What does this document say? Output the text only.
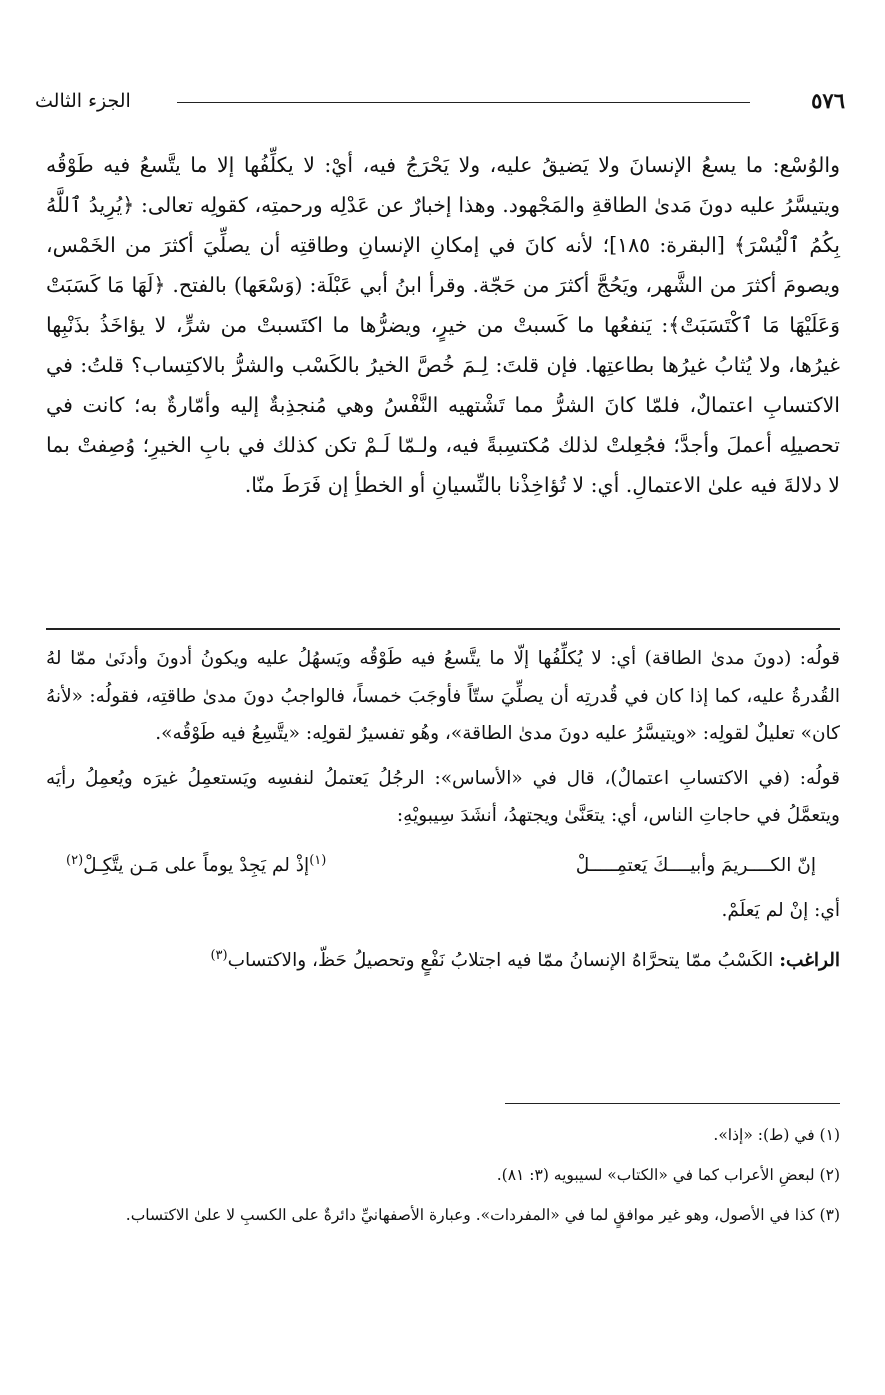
٥٧٦
الجزء الثالث

والوُسْع: ما يسعُ الإنسانَ ولا يَضيقُ عليه، ولا يَحْرَجُ فيه، أيْ: لا يكلِّفُها إلا ما يتَّسعُ فيه طَوْقُه ويتيسَّرُ عليه دونَ مَدىٰ الطاقةِ والمَجْهود. وهذا إخبارٌ عن عَدْلِه ورحمتِه، كقولِه تعالى: ﴿يُرِيدُ ٱللَّهُ بِكُمُ ٱلْيُسْرَ﴾ [البقرة: ١٨٥]؛ لأنه كانَ في إمكانِ الإنسانِ وطاقتِه أن يصلِّيَ أكثرَ من الخَمْس، ويصومَ أكثرَ من الشَّهر، ويَحُجَّ أكثرَ من حَجّة. وقرأ ابنُ أبي عَبْلَة: (وَسْعَها) بالفتح. ﴿لَهَا مَا كَسَبَتْ وَعَلَيْهَا مَا ٱكْتَسَبَتْ﴾: يَنفعُها ما كَسبتْ من خيرٍ، ويضرُّها ما اكتَسبتْ من شرٍّ، لا يؤاخَذُ بذَنْبِها غيرُها، ولا يُثابُ غيرُها بطاعتِها. فإن قلتَ: لِـمَ خُصَّ الخيرُ بالكَسْب والشرُّ بالاكتِساب؟ قلتُ: في الاكتسابِ اعتمالٌ، فلمّا كانَ الشرُّ مما تَشْتهيه النَّفْسُ وهي مُنجذِبةٌ إليه وأمّارةٌ به؛ كانت في تحصيلِه أعملَ وأجدَّ؛ فجُعِلتْ لذلك مُكتسِبةً فيه، ولـمّا لَـمْ تكن كذلك في بابِ الخيرِ؛ وُصِفتْ بما لا دلالةَ فيه علىٰ الاعتمالِ. أي: لا تُؤاخِذْنا بالنِّسيانِ أو الخطأِ إن فَرَطَ منّا.

قولُه: (دونَ مدىٰ الطاقة) أي: لا يُكلِّفُها إلّا ما يتَّسعُ فيه طَوْقُه ويَسهُلُ عليه ويكونُ أدونَ وأدنَىٰ ممّا لهُ القُدرةُ عليه، كما إذا كان في قُدرتِه أن يصلِّيَ ستّاً فأوجَبَ خمساً، فالواجبُ دونَ مدىٰ طاقتِه، فقولُه: «لأنهُ كان» تعليلٌ لقولِه: «ويتيسَّرُ عليه دونَ مدىٰ الطاقة»، وهُو تفسيرٌ لقولِه: «يتَّسِعُ فيه طَوْقُه».

قولُه: (في الاكتسابِ اعتمالٌ)، قال في «الأساس»: الرجُلُ يَعتملُ لنفسِه ويَستعمِلُ غيرَه ويُعمِلُ رأيَه ويتعمَّلُ في حاجاتِ الناس، أي: يتعَنَّىٰ ويجتهدُ، أنشَدَ سِيبويْهِ:

إنّ الكــــريمَ وأبيــــكَ يَعتمِـــــلْ
$^{(١)}$إذْ لم يَجِدْ يوماً على مَـن يتَّكِـلْ$^{(٢)}$

أي: إنْ لم يَعلَمْ.

الراغب: الكَسْبُ ممّا يتحرَّاهُ الإنسانُ ممّا فيه اجتلابُ نَفْعٍ وتحصيلُ حَظّ، والاكتساب$^{(٣)}$

(١) في (ط): «إذا».
(٢) لبعضِ الأعراب كما في «الكتاب» لسيبويه (٣: ٨١).
(٣) كذا في الأصول، وهو غير موافقٍ لما في «المفردات». وعبارة الأصفهانيِّ دائرةٌ على الكسبِ لا علىٰ الاكتساب.
